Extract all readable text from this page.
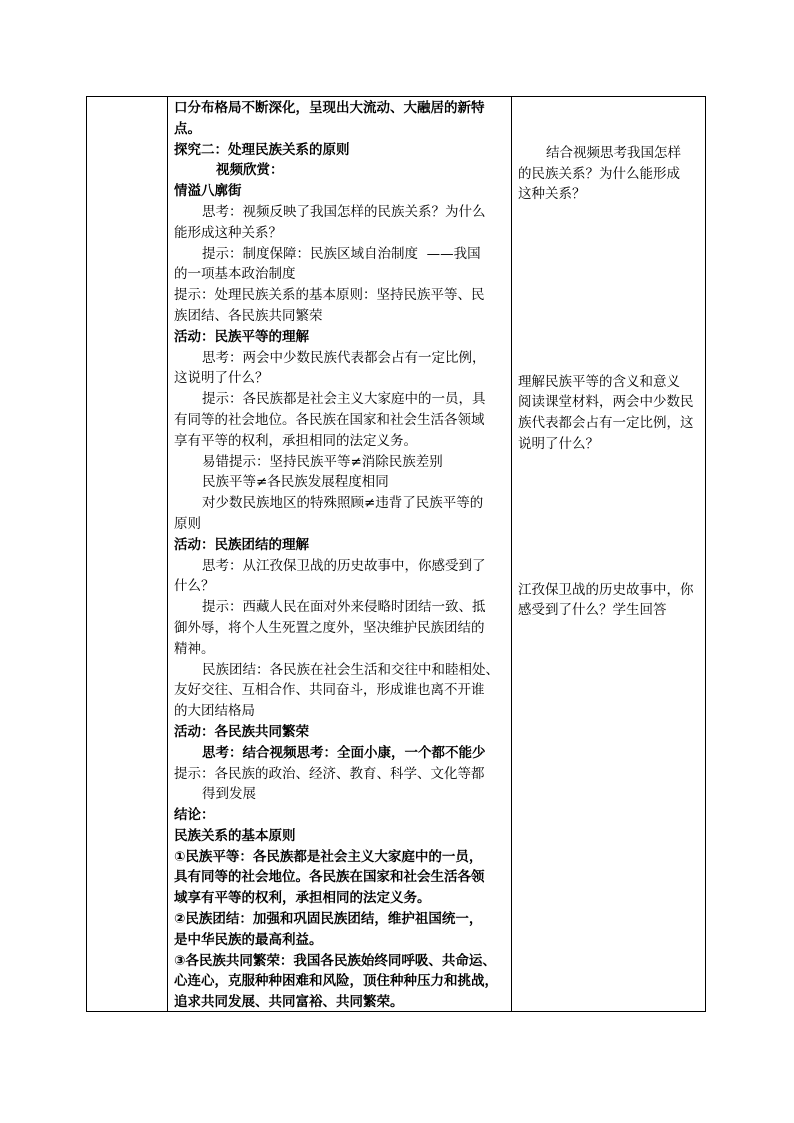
口分布格局不断深化，呈现出大流动、大融居的新特
点。
探究二：处理民族关系的原则
视频欣赏：
情溢八廓街
思考：视频反映了我国怎样的民族关系？为什么
能形成这种关系？
提示：制度保障：民族区域自治制度  ——我国
的一项基本政治制度
提示：处理民族关系的基本原则：坚持民族平等、民
族团结、各民族共同繁荣
活动：民族平等的理解
思考：两会中少数民族代表都会占有一定比例，
这说明了什么？
提示：各民族都是社会主义大家庭中的一员，具
有同等的社会地位。各民族在国家和社会生活各领域
享有平等的权利，承担相同的法定义务。
易错提示：坚持民族平等≠消除民族差别
民族平等≠各民族发展程度相同
对少数民族地区的特殊照顾≠违背了民族平等的
原则
活动：民族团结的理解
思考：从江孜保卫战的历史故事中，你感受到了
什么？
提示：西藏人民在面对外来侵略时团结一致、抵
御外辱，将个人生死置之度外，坚决维护民族团结的
精神。
民族团结：各民族在社会生活和交往中和睦相处、
友好交往、互相合作、共同奋斗，形成谁也离不开谁
的大团结格局
活动：各民族共同繁荣
思考：结合视频思考：全面小康，一个都不能少
提示：各民族的政治、经济、教育、科学、文化等都
得到发展
结论：
民族关系的基本原则
①民族平等：各民族都是社会主义大家庭中的一员，
具有同等的社会地位。各民族在国家和社会生活各领
域享有平等的权利，承担相同的法定义务。
②民族团结：加强和巩固民族团结，维护祖国统一，
是中华民族的最高利益。
③各民族共同繁荣：我国各民族始终同呼吸、共命运、
心连心，克服种种困难和风险，顶住种种压力和挑战，
追求共同发展、共同富裕、共同繁荣。
结合视频思考我国怎样
的民族关系？为什么能形成
这种关系？
理解民族平等的含义和意义
阅读课堂材料，两会中少数民
族代表都会占有一定比例，这
说明了什么？
江孜保卫战的历史故事中，你
感受到了什么？学生回答
